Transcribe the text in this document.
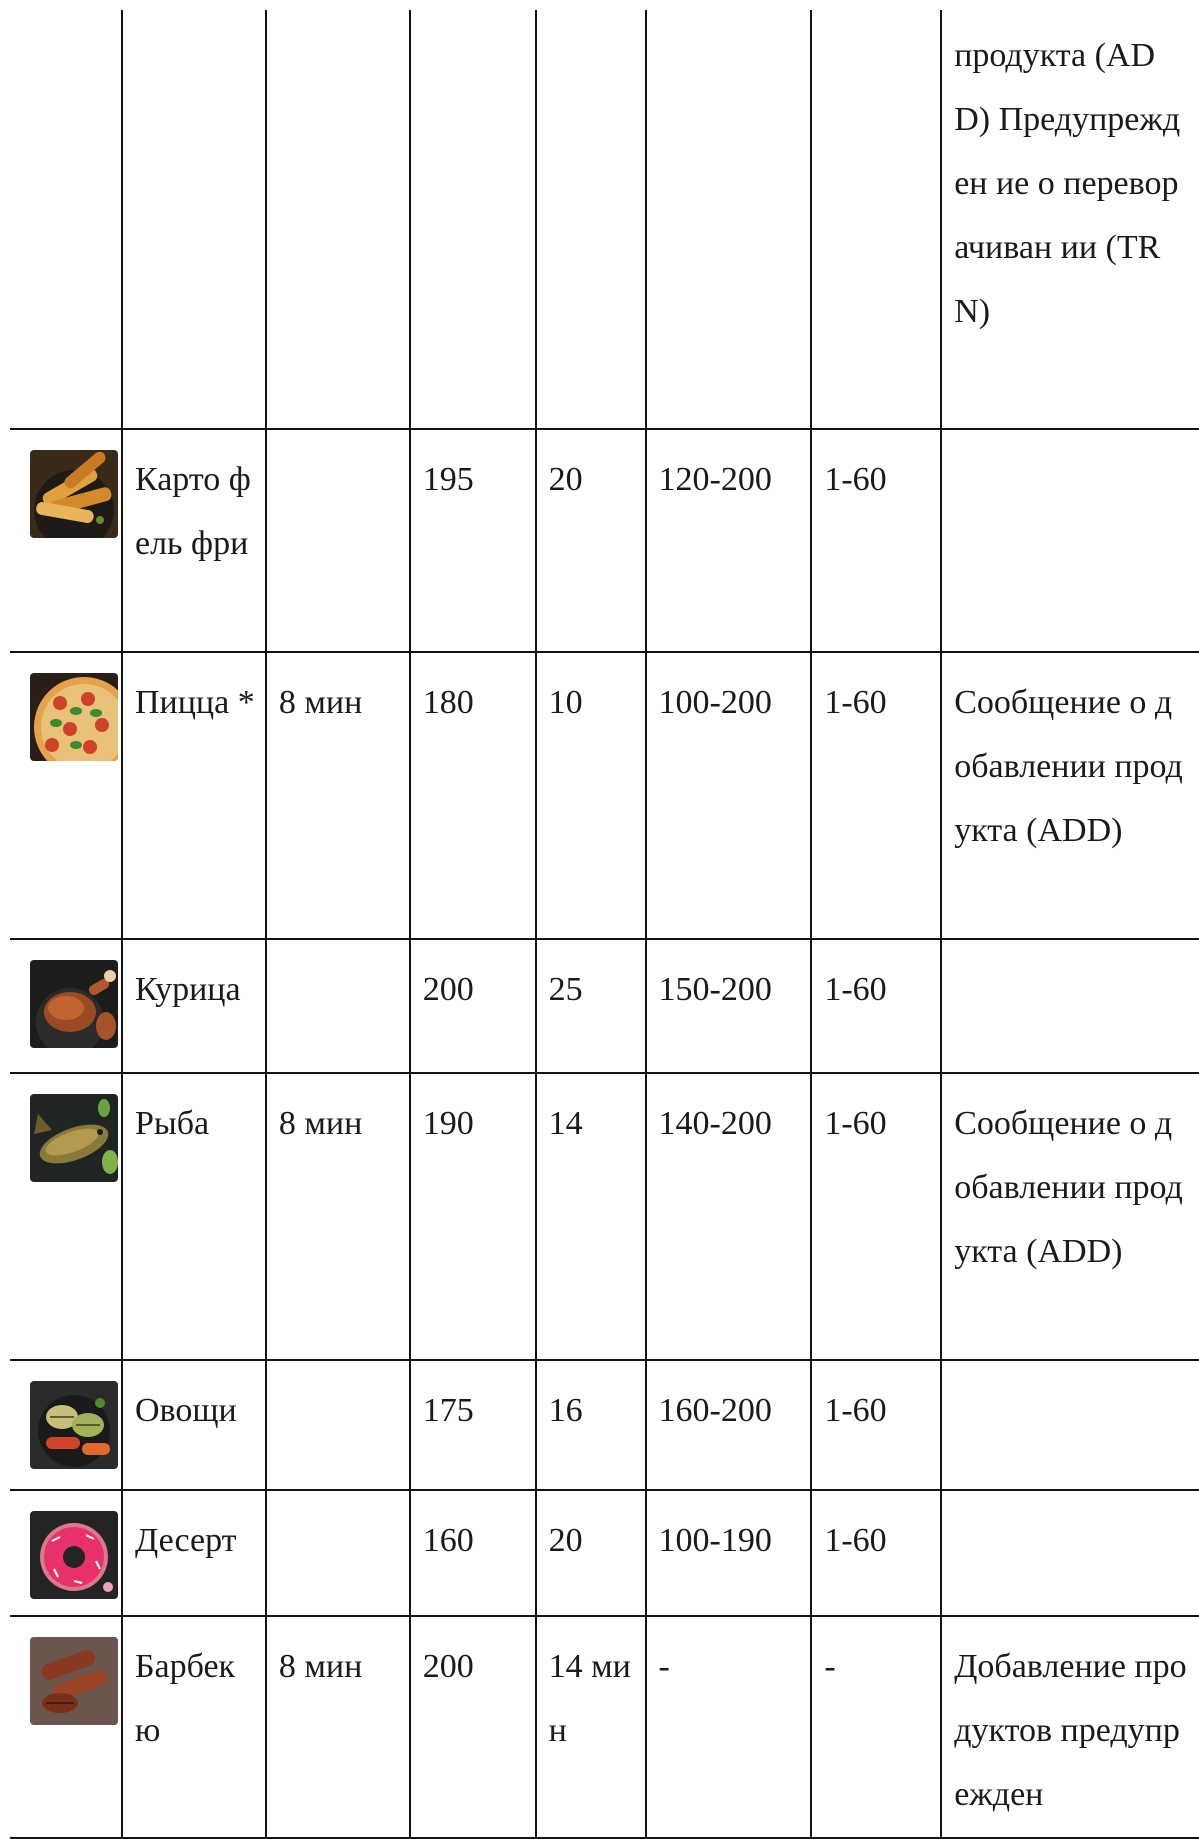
							продукта (ADD) Предупрежден ие о переворачиван ии (TRN)

	Карто фель фри		195	20	120-200	1-60	

	Пицца *	8 мин	180	10	100-200	1-60	Сообщение о добавлении продукта (ADD)

	Курица		200	25	150-200	1-60	

	Рыба	8 мин	190	14	140-200	1-60	Сообщение о добавлении продукта (ADD)

	Овощи		175	16	160-200	1-60	

	Десерт		160	20	100-190	1-60	

	Барбек ю	8 мин	200	14 мин	-	-	Добавление продуктов предупрежден
